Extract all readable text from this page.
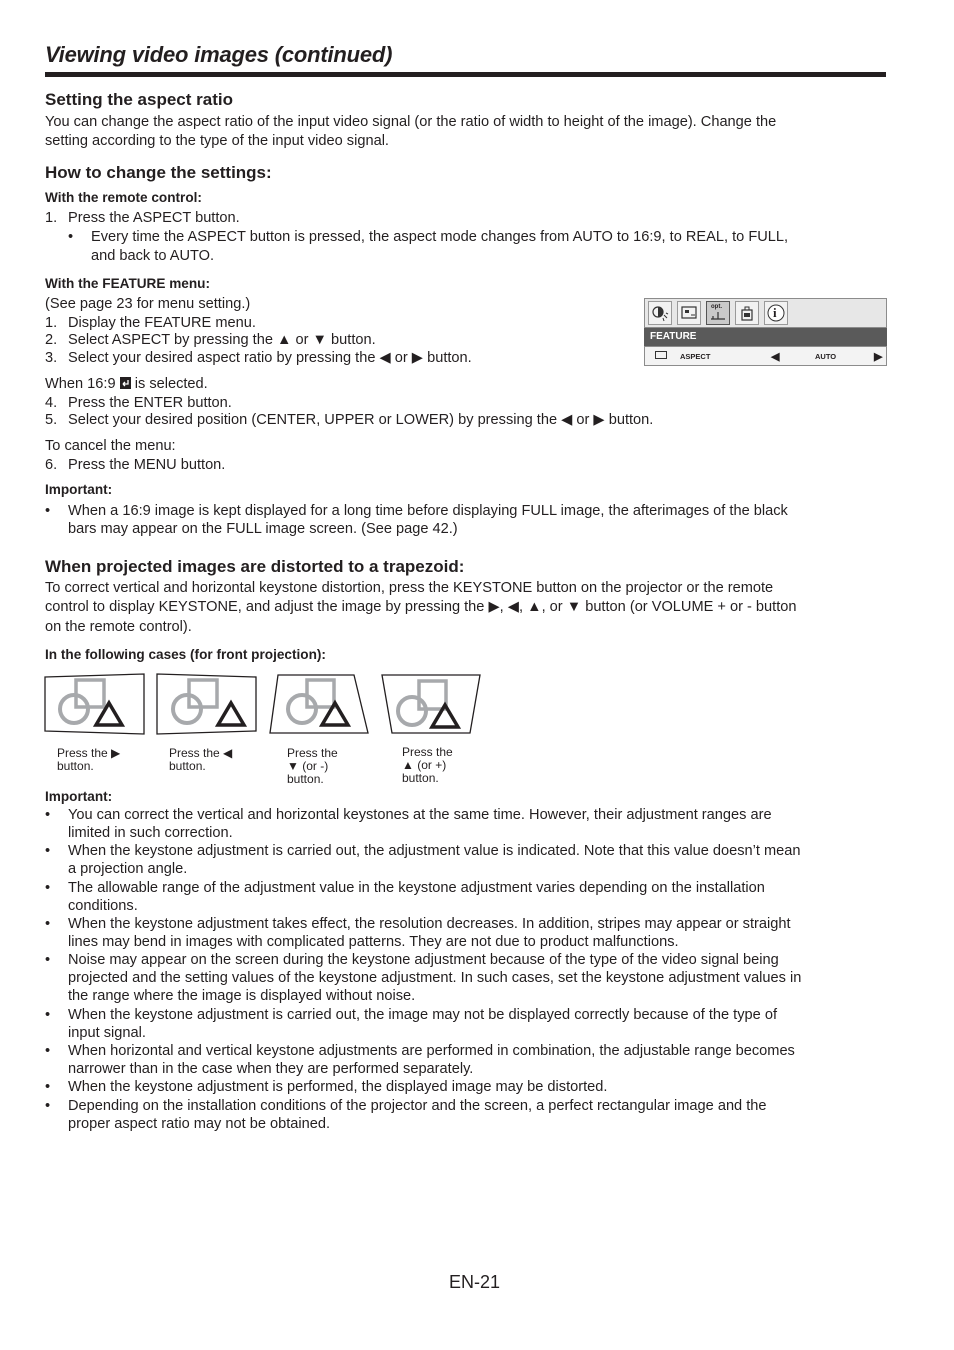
Viewing video images (continued)
Setting the aspect ratio
You can change the aspect ratio of the input video signal (or the ratio of width to height of the image). Change the
setting according to the type of the input video signal.
How to change the settings:
With the remote control:
1. Press the ASPECT button.
• Every time the ASPECT button is pressed, the aspect mode changes from AUTO to 16:9, to REAL, to FULL,
and back to AUTO.
With the FEATURE menu:
(See page 23 for menu setting.)
1. Display the FEATURE menu.
2. Select ASPECT by pressing the ▲ or ▼ button.
3. Select your desired aspect ratio by pressing the ◀ or ▶ button.
opt.	i
FEATURE
ASPECT	◀	AUTO	▶
When 16:9 is selected.
4. Press the ENTER button.
5. Select your desired position (CENTER, UPPER or LOWER) by pressing the ◀ or ▶ button.
To cancel the menu:
6. Press the MENU button.
Important:
• When a 16:9 image is kept displayed for a long time before displaying FULL image, the afterimages of the black
bars may appear on the FULL image screen. (See page 42.)
When projected images are distorted to a trapezoid:
To correct vertical and horizontal keystone distortion, press the KEYSTONE button on the projector or the remote
control to display KEYSTONE, and adjust the image by pressing the ▶, ◀, ▲, or ▼ button (or VOLUME + or - button
on the remote control).
In the following cases (for front projection):
Press the ▶
button.
Press the ◀
button.
Press the
▼ (or -)
button.
Press the
▲ (or +)
button.
Important:
• You can correct the vertical and horizontal keystones at the same time. However, their adjustment ranges are
limited in such correction.
• When the keystone adjustment is carried out, the adjustment value is indicated. Note that this value doesn’t mean
a projection angle.
• The allowable range of the adjustment value in the keystone adjustment varies depending on the installation
conditions.
• When the keystone adjustment takes effect, the resolution decreases. In addition, stripes may appear or straight
lines may bend in images with complicated patterns. They are not due to product malfunctions.
• Noise may appear on the screen during the keystone adjustment because of the type of the video signal being
projected and the setting values of the keystone adjustment. In such cases, set the keystone adjustment values in
the range where the image is displayed without noise.
• When the keystone adjustment is carried out, the image may not be displayed correctly because of the type of
input signal.
• When horizontal and vertical keystone adjustments are performed in combination, the adjustable range becomes
narrower than in the case when they are performed separately.
• When the keystone adjustment is performed, the displayed image may be distorted.
• Depending on the installation conditions of the projector and the screen, a perfect rectangular image and the
proper aspect ratio may not be obtained.
EN-21
